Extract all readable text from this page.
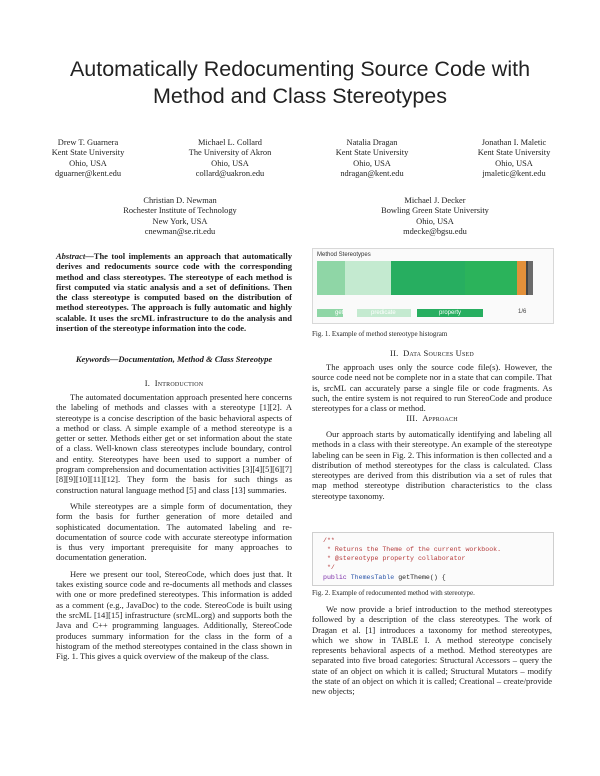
Automatically Redocumenting Source Code with
Method and Class Stereotypes
Drew T. Guarnera
Kent State University
Ohio, USA
dguarner@kent.edu
Michael L. Collard
The University of Akron
Ohio, USA
collard@uakron.edu
Natalia Dragan
Kent State University
Ohio, USA
ndragan@kent.edu
Jonathan I. Maletic
Kent State University
Ohio, USA
jmaletic@kent.edu
Christian D. Newman
Rochester Institute of Technology
New York, USA
cnewman@se.rit.edu
Michael J. Decker
Bowling Green State University
Ohio, USA
mdecke@bgsu.edu
Abstract—The tool implements an approach that automatically derives and redocuments source code with the corresponding method and class stereotypes. The stereotype of each method is first computed via static analysis and a set of definitions. Then the class stereotype is computed based on the distribution of method stereotypes. The approach is fully automatic and highly scalable. It uses the srcML infrastructure to do the analysis and insertion of the stereotype information into the code.
Keywords—Documentation, Method & Class Stereotype
I. Introduction

The automated documentation approach presented here concerns the labeling of methods and classes with a stereotype [1][2]. A stereotype is a concise description of the basic behavioral aspects of a method or class. A simple example of a method stereotype is a getter or setter. Methods either get or set information about the state of a class. Well-known class stereotypes include boundary, control and entity. Stereotypes have been used to support a number of program comprehension and documentation activities [3][4][5][6][7][8][9][10][11][12]. They form the basis for such things as construction natural language method [5] and class [13] summaries.

While stereotypes are a simple form of documentation, they form the basis for further generation of more detailed and sophisticated documentation. The automated labeling and re-documentation of source code with accurate stereotype information is thus very important prerequisite for many approaches to documentation generation.

Here we present our tool, StereoCode, which does just that. It takes existing source code and re-documents all methods and classes with one or more predefined stereotypes. This information is added as a comment (e.g., JavaDoc) to the code. StereoCode is built using the srcML [14][15] infrastructure (srcML.org) and supports both the Java and C++ programming languages. Additionally, StereoCode produces summary information for the class in the form of a histogram of the method stereotypes contained in the class shown in Fig. 1. This gives a quick overview of the makeup of the class.

Method Stereotypes
get	predicate	property	1/6
Fig. 1. Example of method stereotype histogram
II. Data Sources Used

The approach uses only the source code file(s). However, the source code need not be complete nor in a state that can compile. That is, srcML can accurately parse a single file or code fragments. As such, the entire system is not required to run StereoCode and produce stereotypes for a class or method.

III. Approach

Our approach starts by automatically identifying and labeling all methods in a class with their stereotype. An example of the stereotype labeling can be seen in Fig. 2. This information is then collected and a distribution of method stereotypes for the class is calculated. Class stereotypes are derived from this distribution via a set of rules that map method stereotype distribution characteristics to the class stereotype taxonomy.

/**
* Returns the Theme of the current workbook.
* @stereotype property collaborator
*/
public ThemesTable getTheme() {
Fig. 2. Example of redocumented method with stereotype.

We now provide a brief introduction to the method stereotypes followed by a description of the class stereotypes. The work of Dragan et al. [1] introduces a taxonomy for method stereotypes, which we show in TABLE I. A method stereotype concisely represents behavioral aspects of a method. Method stereotypes are separated into five broad categories: Structural Accessors – query the state of an object on which it is called; Structural Mutators – modify the state of an object on which it is called; Creational – create/provide new objects;
